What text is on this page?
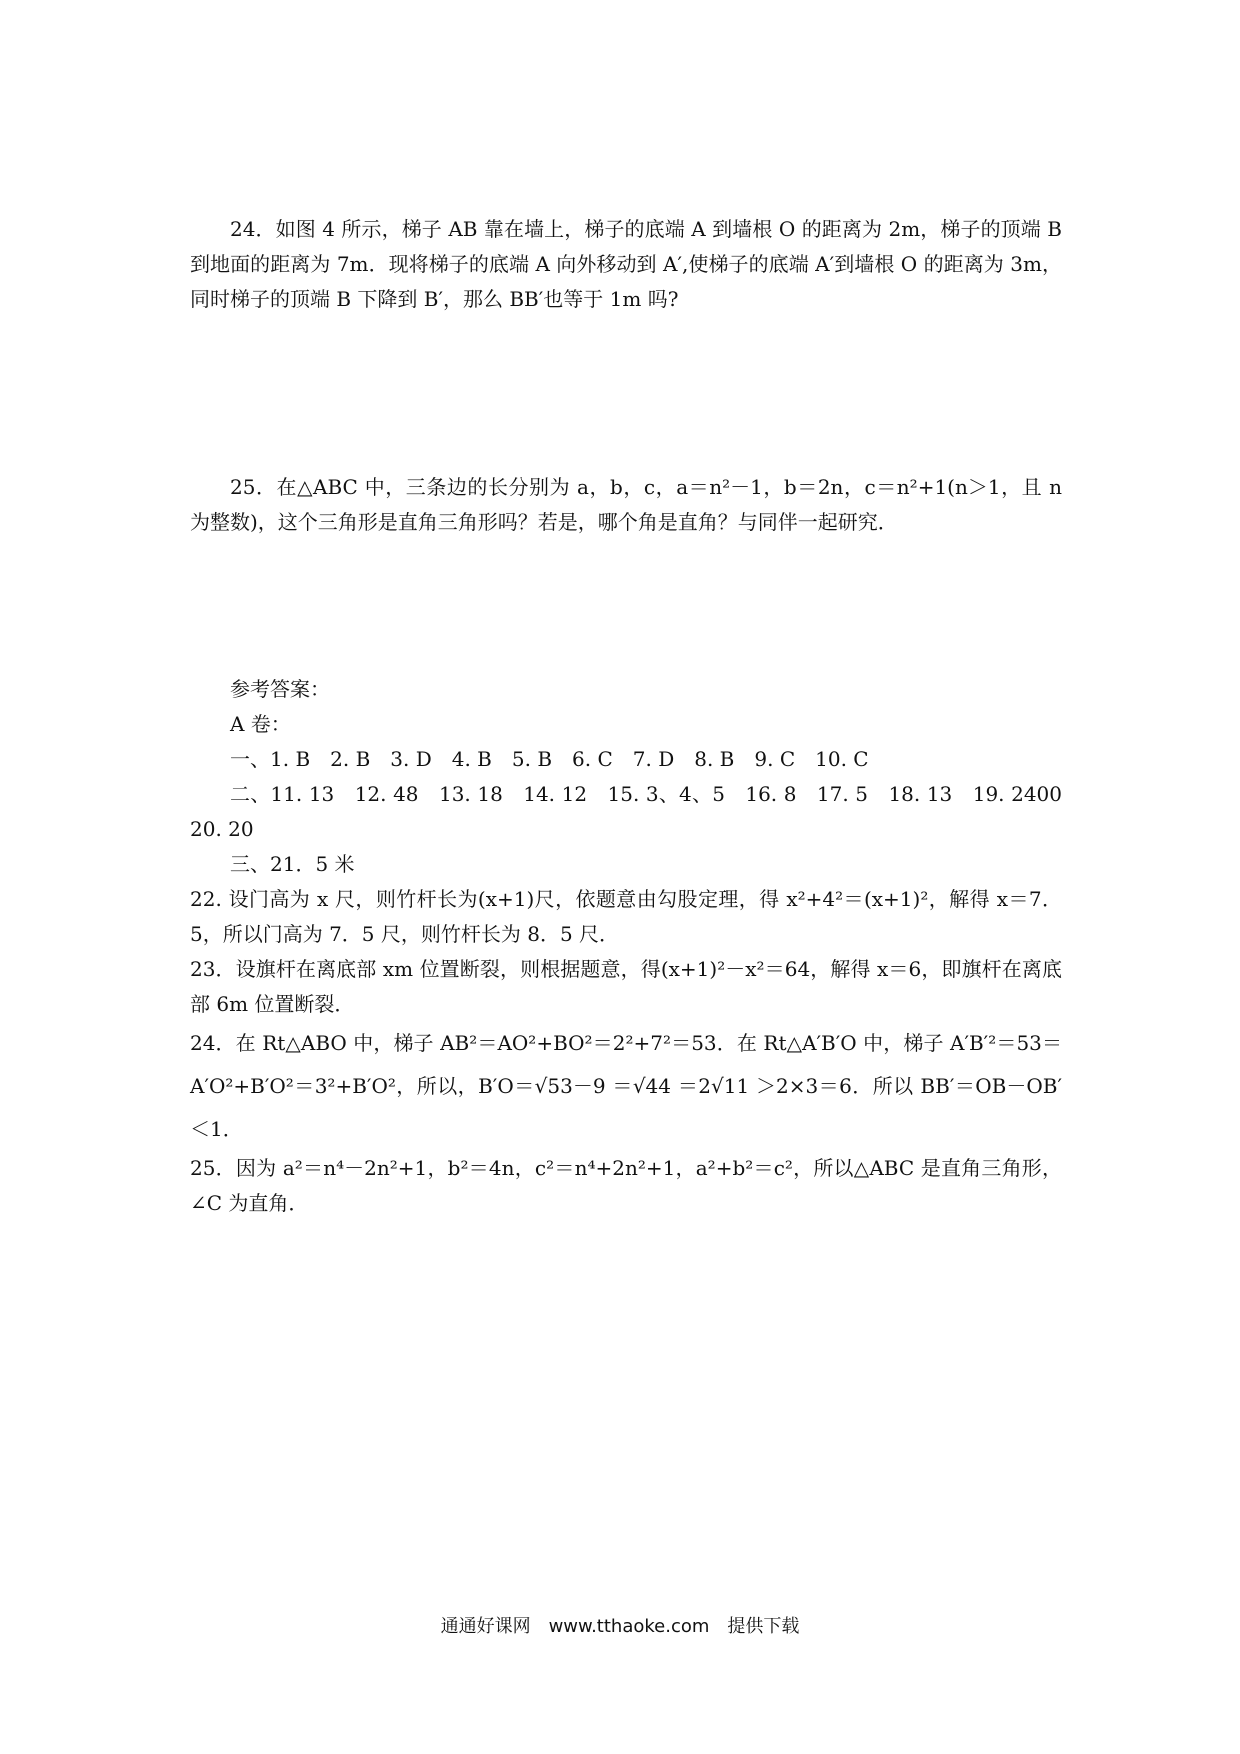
24．如图 4 所示，梯子 AB 靠在墙上，梯子的底端 A 到墙根 O 的距离为 2m，梯子的顶端 B 到地面的距离为 7m．现将梯子的底端 A 向外移动到 A′,使梯子的底端 A′到墙根 O 的距离为 3m，同时梯子的顶端 B 下降到 B′，那么 BB′也等于 1m 吗?

25．在△ABC 中，三条边的长分别为 a，b，c，a＝n²－1，b＝2n，c＝n²+1(n＞1，且 n 为整数)，这个三角形是直角三角形吗？若是，哪个角是直角？与同伴一起研究．

参考答案：

A 卷：

一、1. B　2. B　3. D　4. B　5. B　6. C　7. D　8. B　9. C　10. C

二、11. 13　12. 48　13. 18　14. 12　15. 3、4、5　16. 8　17. 5　18. 13　19. 2400　20. 20

三、21．5 米

22. 设门高为 x 尺，则竹杆长为(x+1)尺，依题意由勾股定理，得 x²+4²＝(x+1)²，解得 x＝7．5，所以门高为 7．5 尺，则竹杆长为 8．5 尺．

23．设旗杆在离底部 xm 位置断裂，则根据题意，得(x+1)²－x²＝64，解得 x＝6，即旗杆在离底部 6m 位置断裂．

24．在 Rt△ABO 中，梯子 AB²＝AO²+BO²＝2²+7²＝53．在 Rt△A′B′O 中，梯子 A′B′²＝53＝A′O²+B′O²＝3²+B′O²，所以，B′O＝√53－9 ＝√44 ＝2√11 ＞2×3＝6．所以 BB′＝OB－OB′＜1．

25．因为 a²＝n⁴－2n²+1，b²＝4n，c²＝n⁴+2n²+1，a²+b²＝c²，所以△ABC 是直角三角形，∠C 为直角．

通通好课网　www.tthaoke.com　提供下载
